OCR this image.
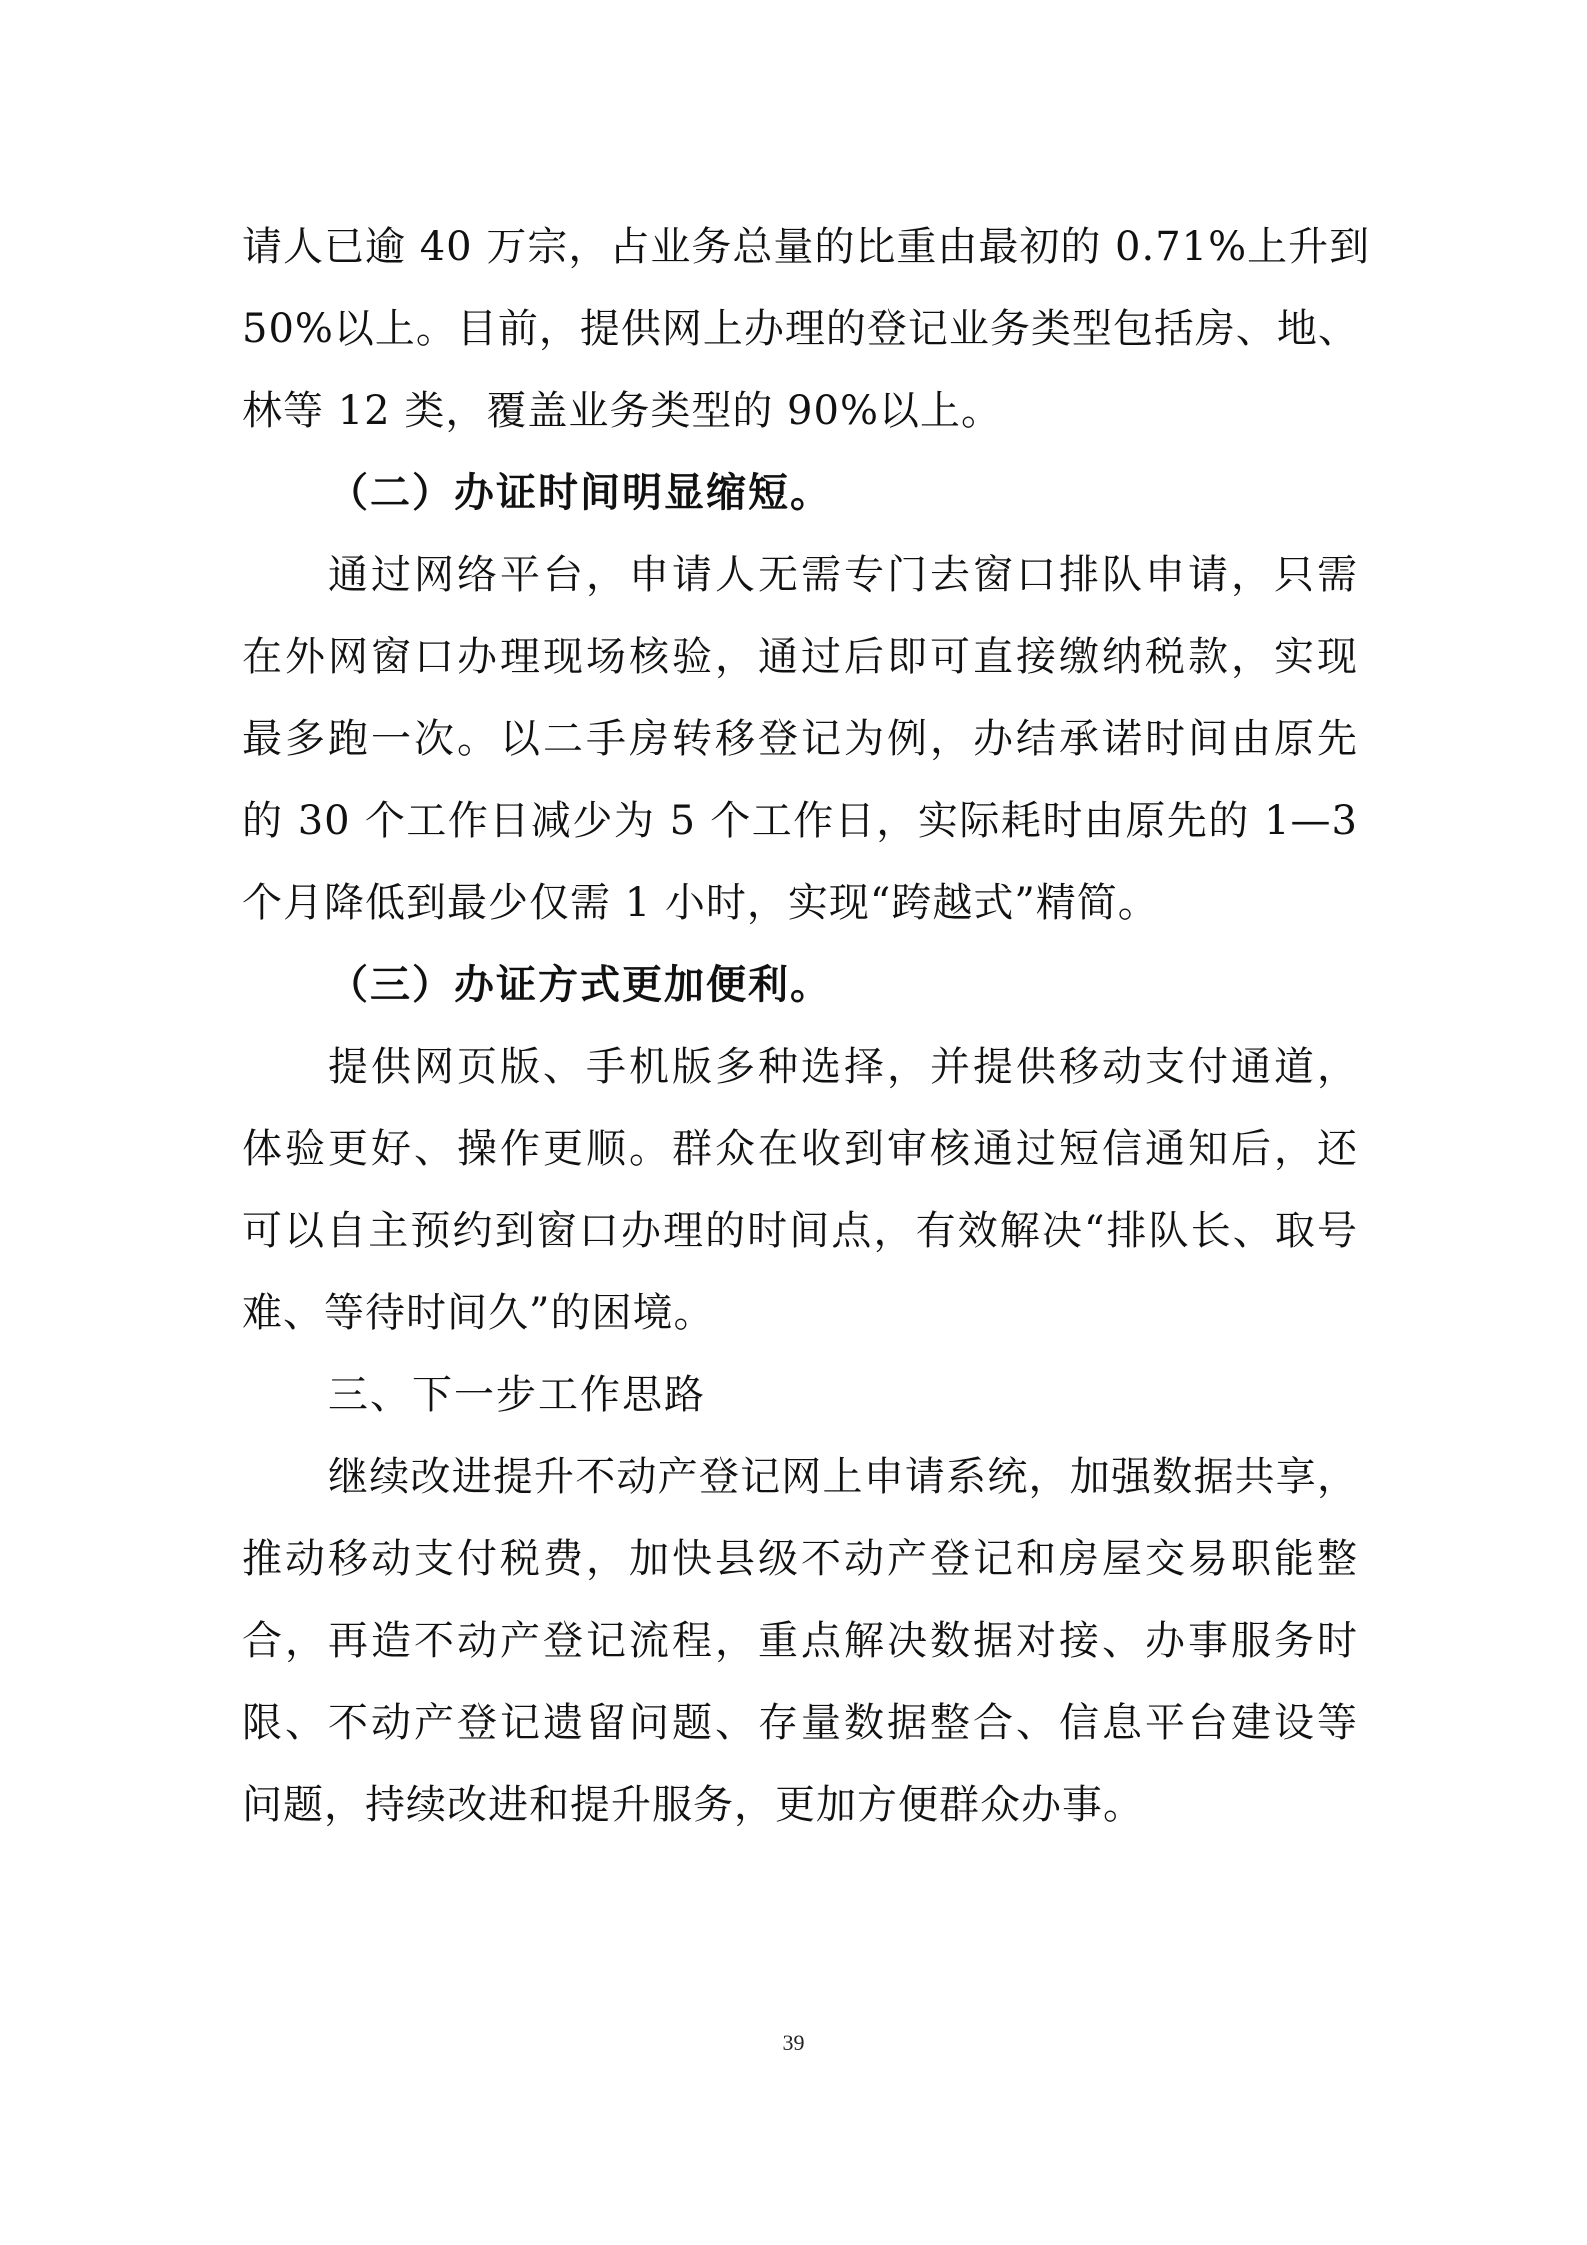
请人已逾 40 万宗，占业务总量的比重由最初的 0.71%上升到
50%以上。目前，提供网上办理的登记业务类型包括房、地、
林等 12 类，覆盖业务类型的 90%以上。
（二）办证时间明显缩短。
通过网络平台，申请人无需专门去窗口排队申请，只需
在外网窗口办理现场核验，通过后即可直接缴纳税款，实现
最多跑一次。以二手房转移登记为例，办结承诺时间由原先
的 30 个工作日减少为 5 个工作日，实际耗时由原先的 1—3
个月降低到最少仅需 1 小时，实现“跨越式”精简。
（三）办证方式更加便利。
提供网页版、手机版多种选择，并提供移动支付通道，
体验更好、操作更顺。群众在收到审核通过短信通知后，还
可以自主预约到窗口办理的时间点，有效解决“排队长、取号
难、等待时间久”的困境。
三、下一步工作思路
继续改进提升不动产登记网上申请系统，加强数据共享，
推动移动支付税费，加快县级不动产登记和房屋交易职能整
合，再造不动产登记流程，重点解决数据对接、办事服务时
限、不动产登记遗留问题、存量数据整合、信息平台建设等
问题，持续改进和提升服务，更加方便群众办事。
39
